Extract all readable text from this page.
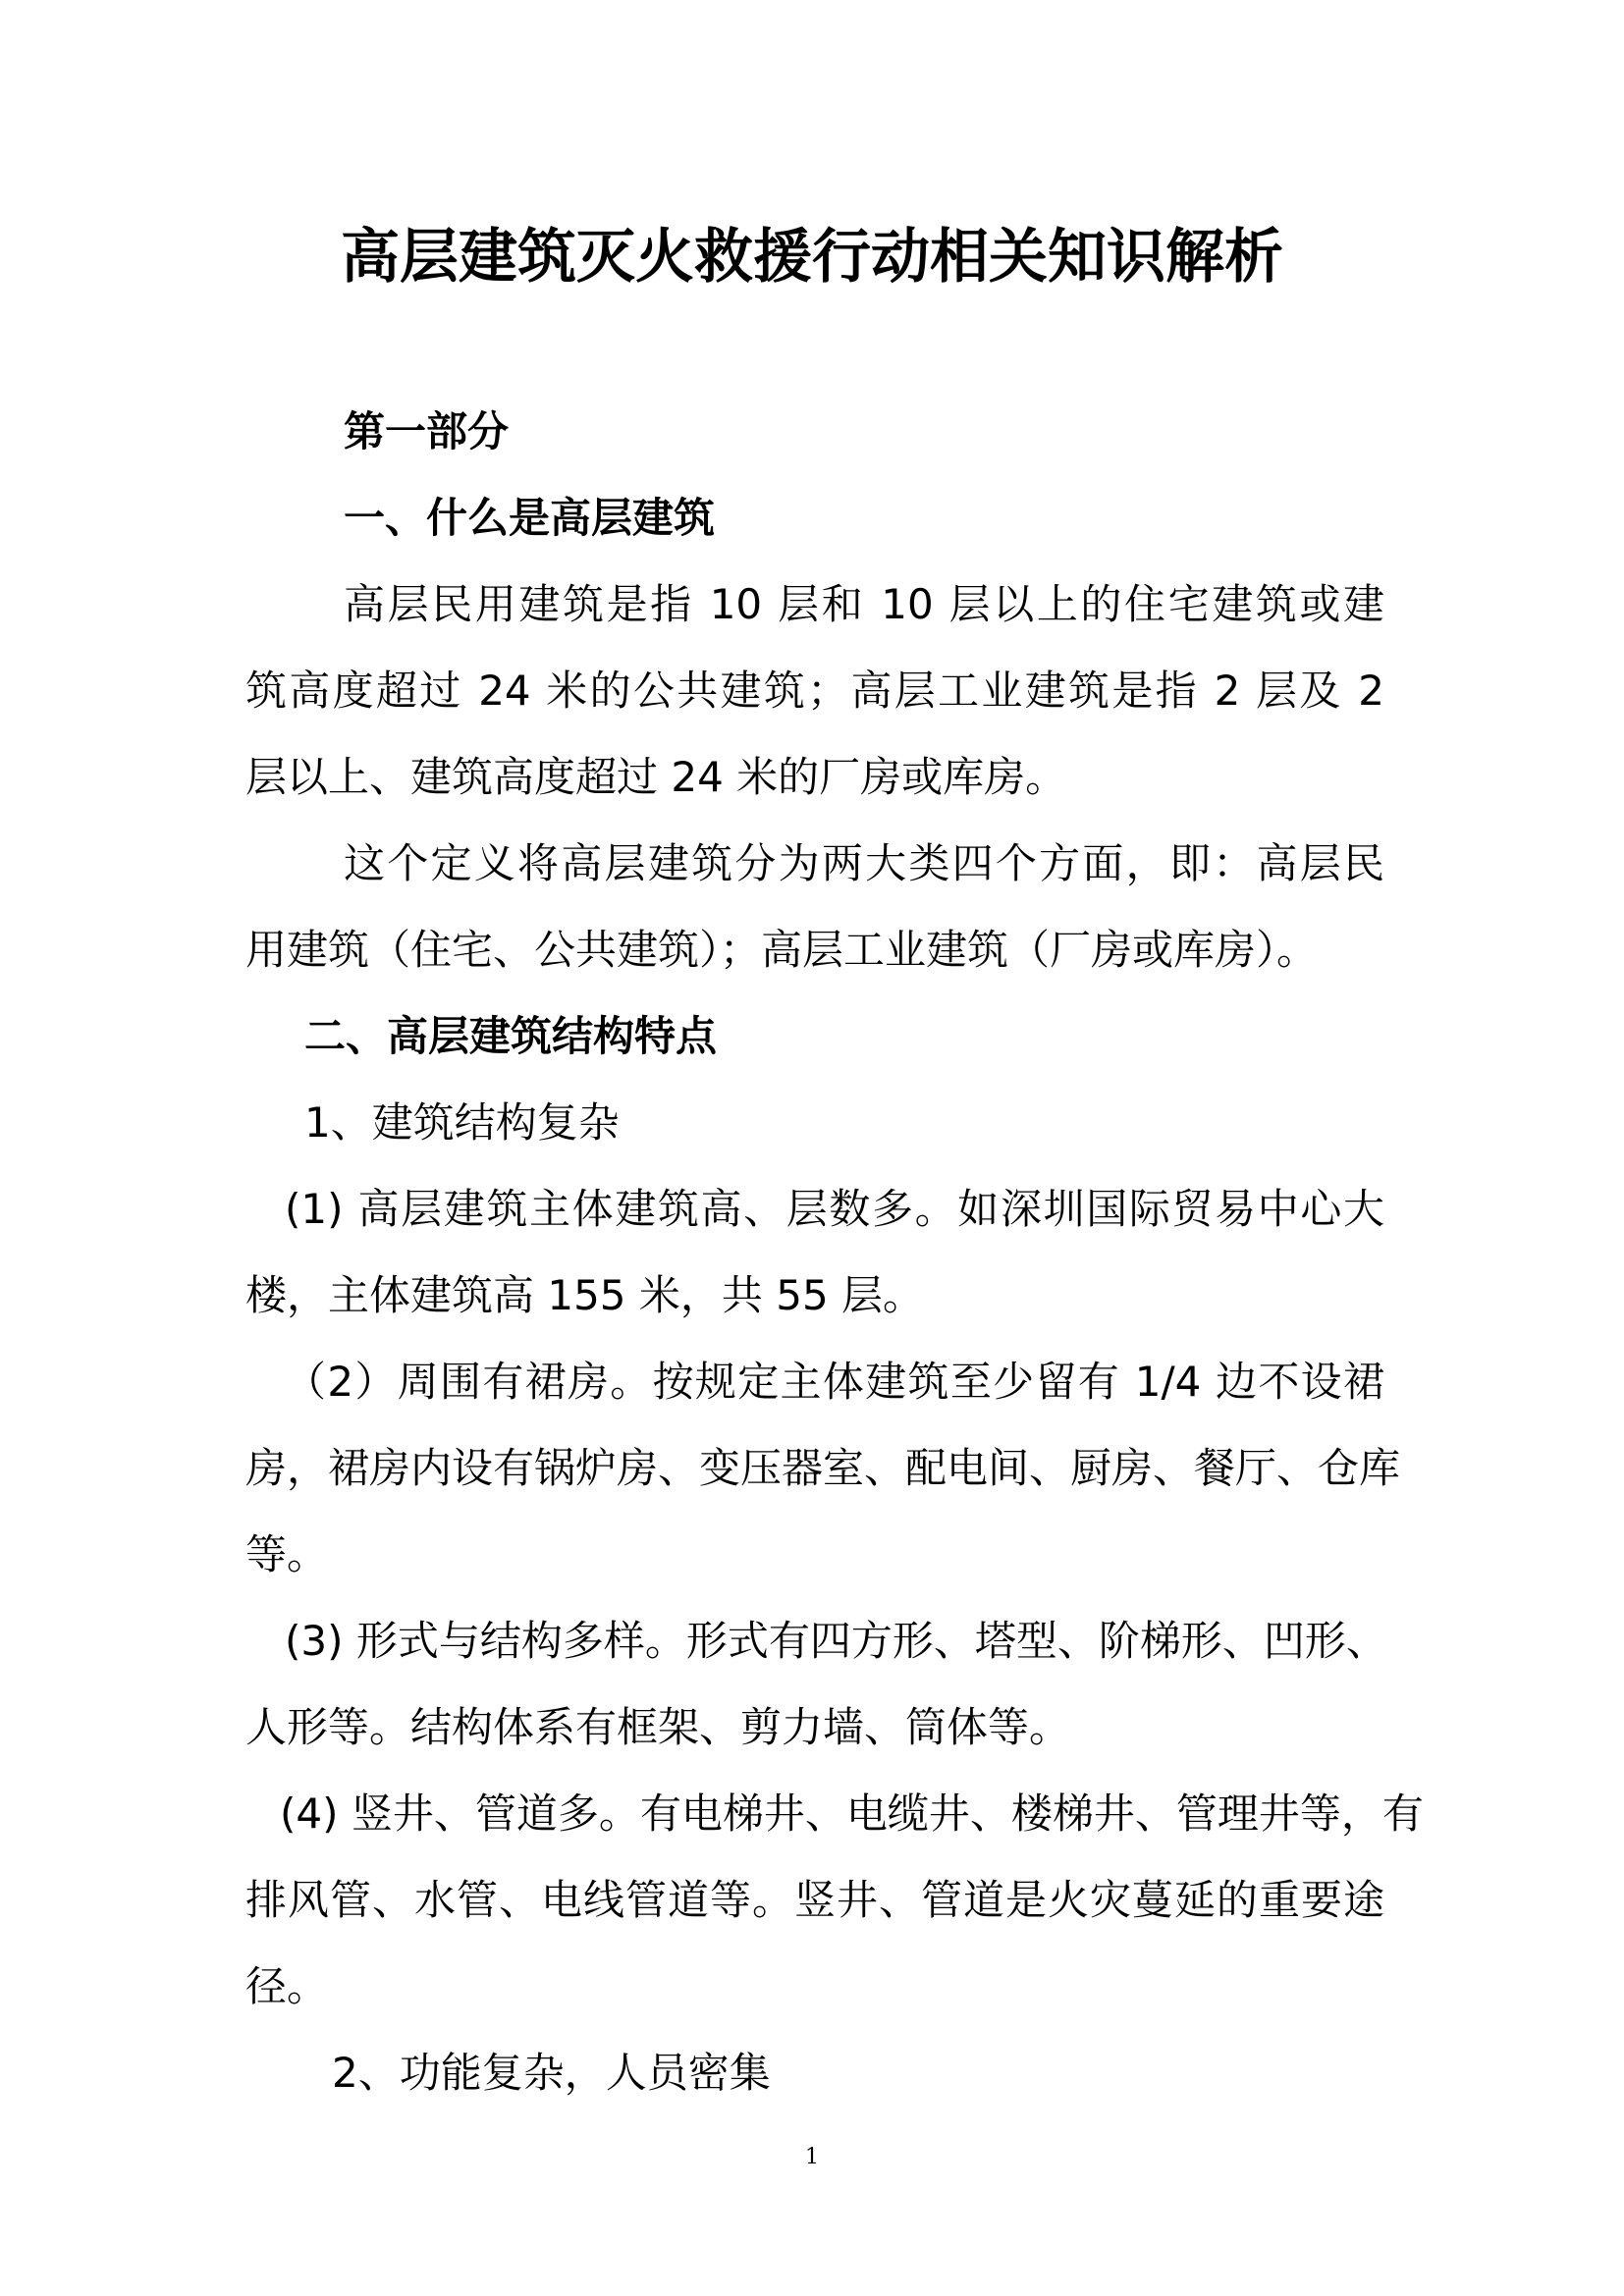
高层建筑灭火救援行动相关知识解析
第一部分
一、什么是高层建筑
高层民用建筑是指 10 层和 10 层以上的住宅建筑或建
筑高度超过 24 米的公共建筑；高层工业建筑是指 2 层及 2
层以上、建筑高度超过 24 米的厂房或库房。
这个定义将高层建筑分为两大类四个方面，即：高层民
用建筑（住宅、公共建筑）；高层工业建筑（厂房或库房）。
二、高层建筑结构特点
1、建筑结构复杂
(1) 高层建筑主体建筑高、层数多。如深圳国际贸易中心大
楼，主体建筑高 155 米，共 55 层。
（2）周围有裙房。按规定主体建筑至少留有 1/4 边不设裙
房，裙房内设有锅炉房、变压器室、配电间、厨房、餐厅、仓库
等。
(3) 形式与结构多样。形式有四方形、塔型、阶梯形、凹形、
人形等。结构体系有框架、剪力墙、筒体等。
(4) 竖井、管道多。有电梯井、电缆井、楼梯井、管理井等，有
排风管、水管、电线管道等。竖井、管道是火灾蔓延的重要途
径。
2、功能复杂，人员密集
1
